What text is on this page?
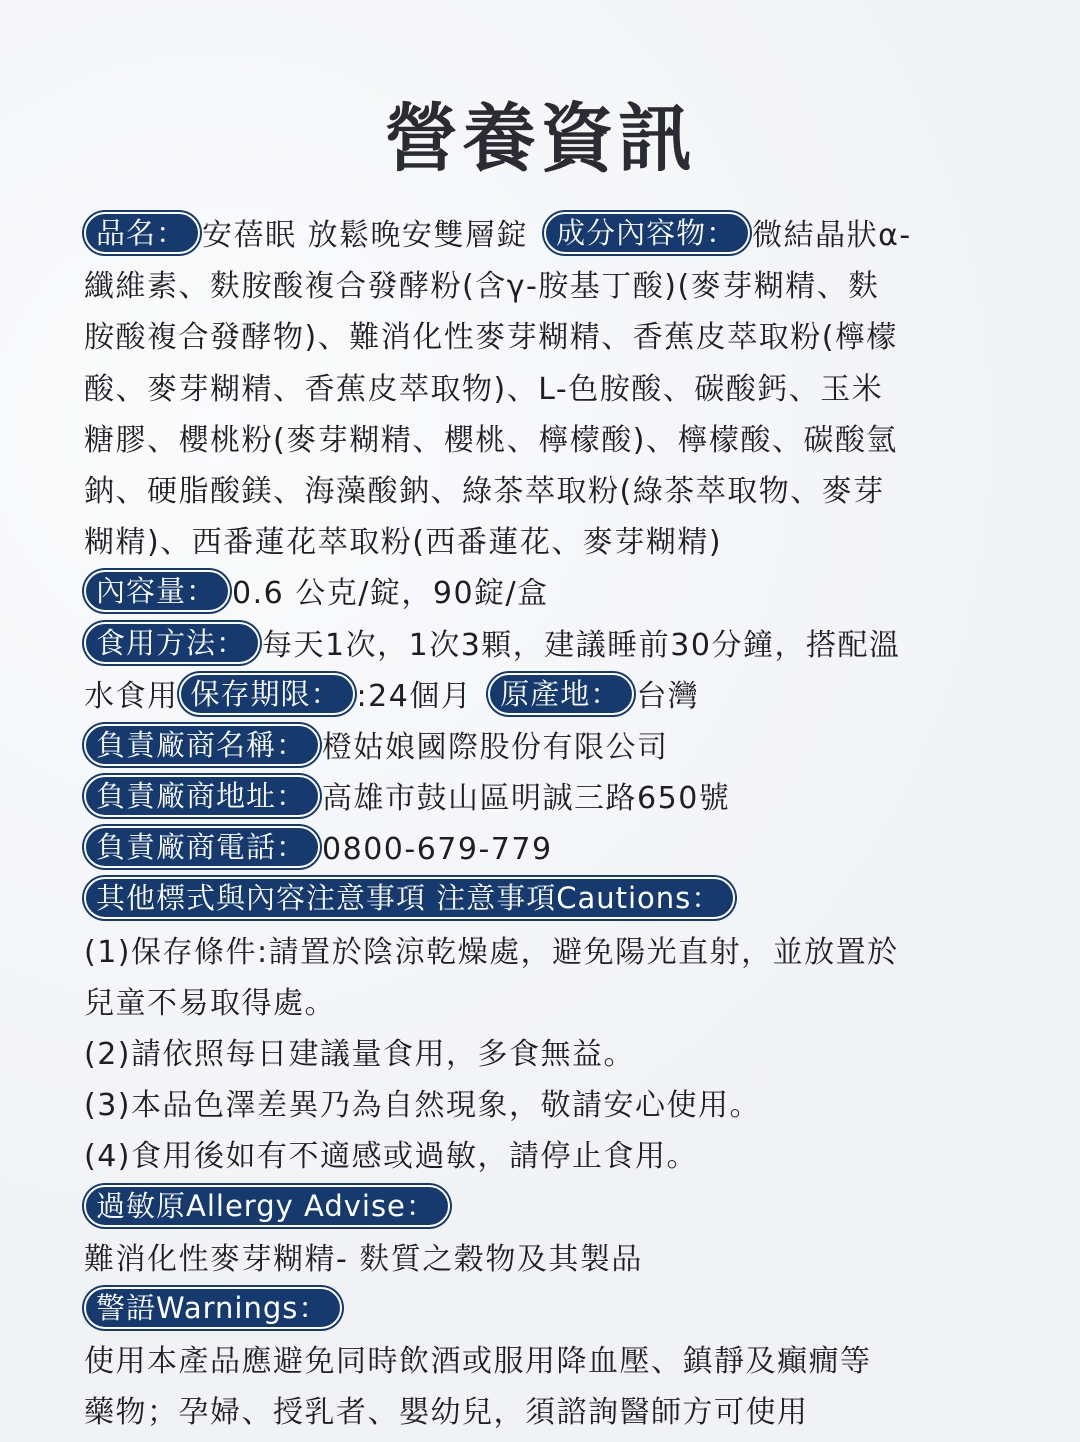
營養資訊
品名： 安蓓眠 放鬆晚安雙層錠 成分內容物： 微結晶狀α-
纖維素、麩胺酸複合發酵粉(含γ-胺基丁酸)(麥芽糊精、麩
胺酸複合發酵物)、難消化性麥芽糊精、香蕉皮萃取粉(檸檬
酸、麥芽糊精、香蕉皮萃取物)、L-色胺酸、碳酸鈣、玉米
糖膠、櫻桃粉(麥芽糊精、櫻桃、檸檬酸)、檸檬酸、碳酸氫
鈉、硬脂酸鎂、海藻酸鈉、綠茶萃取粉(綠茶萃取物、麥芽
糊精)、西番蓮花萃取粉(西番蓮花、麥芽糊精)
內容量： 0.6 公克/錠，90錠/盒
食用方法： 每天1次，1次3顆，建議睡前30分鐘，搭配溫
水食用 保存期限： :24個月 原產地： 台灣
負責廠商名稱： 橙姑娘國際股份有限公司
負責廠商地址： 高雄市鼓山區明誠三路650號
負責廠商電話： 0800-679-779
其他標式與內容注意事項 注意事項Cautions：
(1)保存條件:請置於陰涼乾燥處，避免陽光直射，並放置於
兒童不易取得處。
(2)請依照每日建議量食用，多食無益。
(3)本品色澤差異乃為自然現象，敬請安心使用。
(4)食用後如有不適感或過敏，請停止食用。
過敏原Allergy Advise：
難消化性麥芽糊精- 麩質之穀物及其製品
警語Warnings：
使用本產品應避免同時飲酒或服用降血壓、鎮靜及癲癇等
藥物；孕婦、授乳者、嬰幼兒，須諮詢醫師方可使用
